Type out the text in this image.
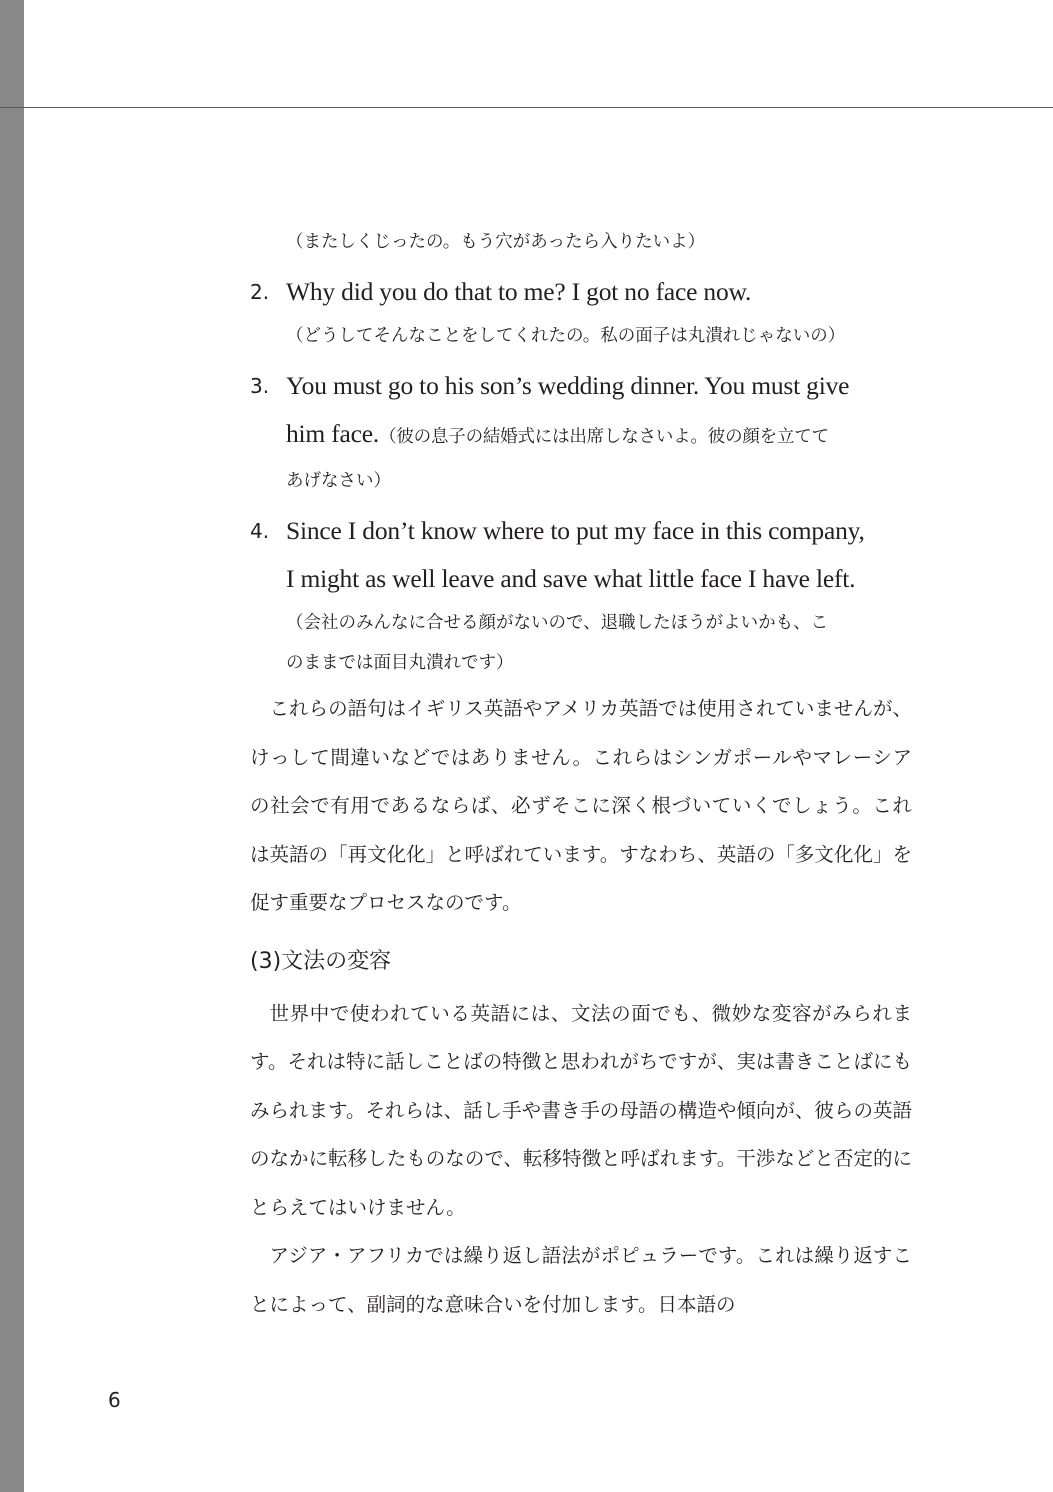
（またしくじったの。もう穴があったら入りたいよ）
2. Why did you do that to me? I got no face now.
（どうしてそんなことをしてくれたの。私の面子は丸潰れじゃないの）
3. You must go to his son’s wedding dinner. You must give
him face.（彼の息子の結婚式には出席しなさいよ。彼の顔を立てて
あげなさい）
4. Since I don’t know where to put my face in this company,
I might as well leave and save what little face I have left.
（会社のみんなに合せる顔がないので、退職したほうがよいかも、こ
のままでは面目丸潰れです）

これらの語句はイギリス英語やアメリカ英語では使用されていませんが、けっして間違いなどではありません。これらはシンガポールやマレーシアの社会で有用であるならば、必ずそこに深く根づいていくでしょう。これは英語の「再文化化」と呼ばれています。すなわち、英語の「多文化化」を促す重要なプロセスなのです。

(3)文法の変容

世界中で使われている英語には、文法の面でも、微妙な変容がみられます。それは特に話しことばの特徴と思われがちですが、実は書きことばにもみられます。それらは、話し手や書き手の母語の構造や傾向が、彼らの英語のなかに転移したものなので、転移特徴と呼ばれます。干渉などと否定的にとらえてはいけません。

アジア・アフリカでは繰り返し語法がポピュラーです。これは繰り返すことによって、副詞的な意味合いを付加します。日本語の

6
